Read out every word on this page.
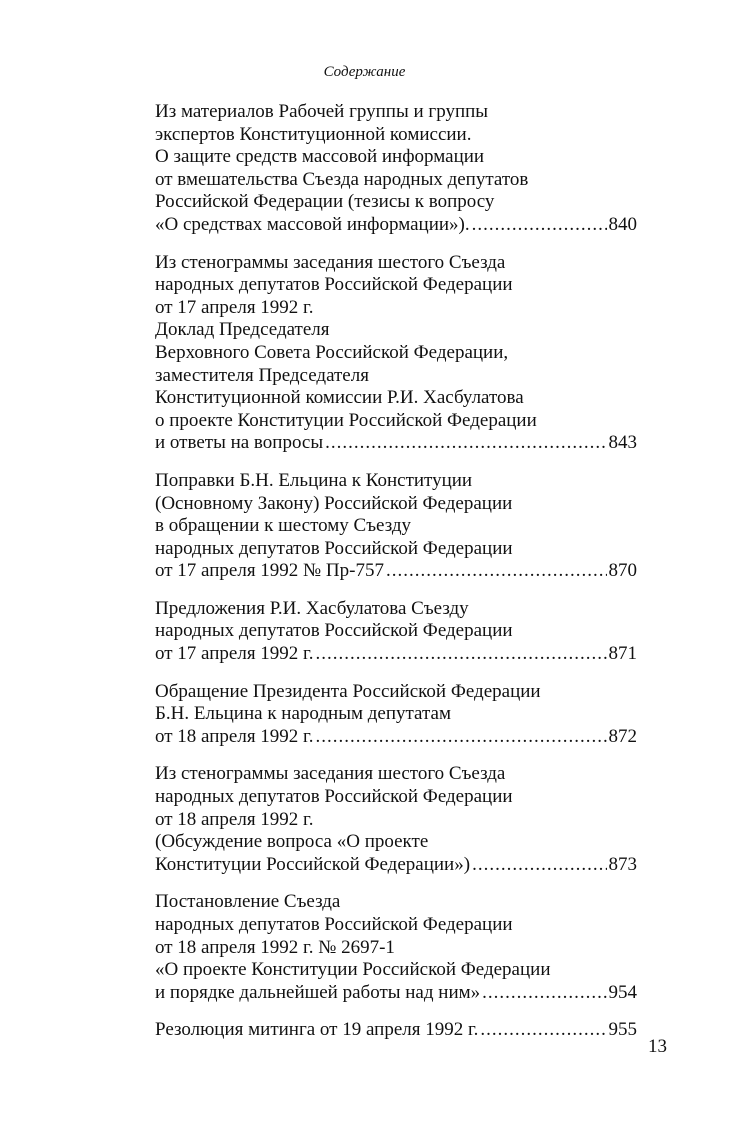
Содержание
Из материалов Рабочей группы и группы
экспертов Конституционной комиссии.
О защите средств массовой информации
от вмешательства Съезда народных депутатов
Российской Федерации (тезисы к вопросу
«О средствах массовой информации»). .....	840
Из стенограммы заседания шестого Съезда
народных депутатов Российской Федерации
от 17 апреля 1992 г.
Доклад Председателя
Верховного Совета Российской Федерации,
заместителя Председателя
Конституционной комиссии Р.И. Хасбулатова
о проекте Конституции Российской Федерации
и ответы на вопросы .....	843
Поправки Б.Н. Ельцина к Конституции
(Основному Закону) Российской Федерации
в обращении к шестому Съезду
народных депутатов Российской Федерации
от 17 апреля 1992 № Пр-757 .....	870
Предложения Р.И. Хасбулатова Съезду
народных депутатов Российской Федерации
от 17 апреля 1992 г. .....	871
Обращение Президента Российской Федерации
Б.Н. Ельцина к народным депутатам
от 18 апреля 1992 г. .....	872
Из стенограммы заседания шестого Съезда
народных депутатов Российской Федерации
от 18 апреля 1992 г.
(Обсуждение вопроса «О проекте
Конституции Российской Федерации») .....	873
Постановление Съезда
народных депутатов Российской Федерации
от 18 апреля 1992 г. № 2697-1
«О проекте Конституции Российской Федерации
и порядке дальнейшей работы над ним» .....	954
Резолюция митинга от 19 апреля 1992 г. .....	955
13
